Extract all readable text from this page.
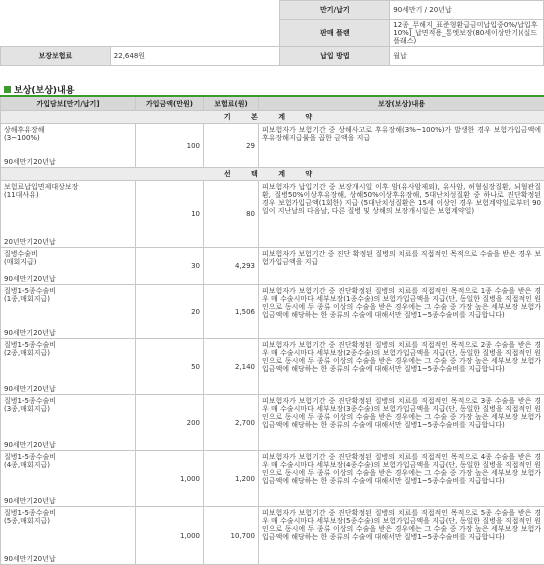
		만기/납기	90세만기 / 20년납
		판매 플랜	12종_무해지_표준형환급금미납입중0%/납입후10%]_납면적용_통엣보장(80세이상만기)(실드플래스)
보장보험료	22,648원	납입 방법	월납
보상(보상)내용
가입담보[만기/납기]	가입금액(만원)	보험료(원)	보장(보상)내용
기 본 계 약			

상해후유장해
(3~100%)
90세만기20년납	100	29	피보험자가 보험기간 중 상해사고로 후유장해(3%~100%)가 발생한 경우 보험가입금액에 후유장해지급률을 곱한 금액을 지급
선 택 계 약			

보험료납입면제대상보장
(11대사유)
20년만기20년납	10	80	피보험자가 납입기간 중 보장개시일 이후 암(유사암제외), 유사암, 허혈심장질환, 뇌혈관질환, 질병50%이상후유장해, 상해50%이상후유장해, 5대난치성질환 중 하나로 진단확정된 경우 보험가입금액(1회한) 지급 (5대난치성질환은 15세 이상인 경우 보험계약일로부터 90일이 지난날의 다음날, 다른 질병 및 상해의 보장개시일은 보험계약일)

질병수술비
(매회지급)
90세만기20년납	30	4,293	피보험자가 보험기간 중 진단 확정된 질병의 치료를 직접적인 목적으로 수술을 받은 경우 보험가입금액을 지급

질병1-5종수술비
(1종,매회지급)
90세만기20년납	20	1,506	피보험자가 보험기간 중 진단확정된 질병의 치료를 직접적인 목적으로 1종 수술을 받은 경우 매 수술시마다 세부보장(1종수술)의 보험가입금액을 지급(단, 동일한 질병을 직접적인 원인으로 동시에 두 종류 이상의 수술을 받은 경우에는 그 수술 중 가장 높은 세부보장 보험가입금액에 해당하는 한 종류의 수술에 대해서만 질병1~5종수술비를 지급합니다)

질병1-5종수술비
(2종,매회지급)
90세만기20년납	50	2,140	피보험자가 보험기간 중 진단확정된 질병의 치료를 직접적인 목적으로 2종 수술을 받은 경우 매 수술시마다 세부보장(2종수술)의 보험가입금액을 지급(단, 동일한 질병을 직접적인 원인으로 동시에 두 종류 이상의 수술을 받은 경우에는 그 수술 중 가장 높은 세부보장 보험가입금액에 해당하는 한 종류의 수술에 대해서만 질병1~5종수술비를 지급합니다)

질병1-5종수술비
(3종,매회지급)
90세만기20년납	200	2,700	피보험자가 보험기간 중 진단확정된 질병의 치료를 직접적인 목적으로 3종 수술을 받은 경우 매 수술시마다 세부보장(3종수술)의 보험가입금액을 지급(단, 동일한 질병을 직접적인 원인으로 동시에 두 종류 이상의 수술을 받은 경우에는 그 수술 중 가장 높은 세부보장 보험가입금액에 해당하는 한 종류의 수술에 대해서만 질병1~5종수술비를 지급합니다)

질병1-5종수술비
(4종,매회지급)
90세만기20년납	1,000	1,200	피보험자가 보험기간 중 진단확정된 질병의 치료를 직접적인 목적으로 4종 수술을 받은 경우 매 수술시마다 세부보장(4종수술)의 보험가입금액을 지급(단, 동일한 질병을 직접적인 원인으로 동시에 두 종류 이상의 수술을 받은 경우에는 그 수술 중 가장 높은 세부보장 보험가입금액에 해당하는 한 종류의 수술에 대해서만 질병1~5종수술비를 지급합니다)

질병1-5종수술비
(5종,매회지급)
90세만기20년납	1,000	10,700	피보험자가 보험기간 중 진단확정된 질병의 치료를 직접적인 목적으로 5종 수술을 받은 경우 매 수술시마다 세부보장(5종수술)의 보험가입금액을 지급(단, 동일한 질병을 직접적인 원인으로 동시에 두 종류 이상의 수술을 받은 경우에는 그 수술 중 가장 높은 세부보장 보험가입금액에 해당하는 한 종류의 수술에 대해서만 질병1~5종수술비를 지급합니다)
